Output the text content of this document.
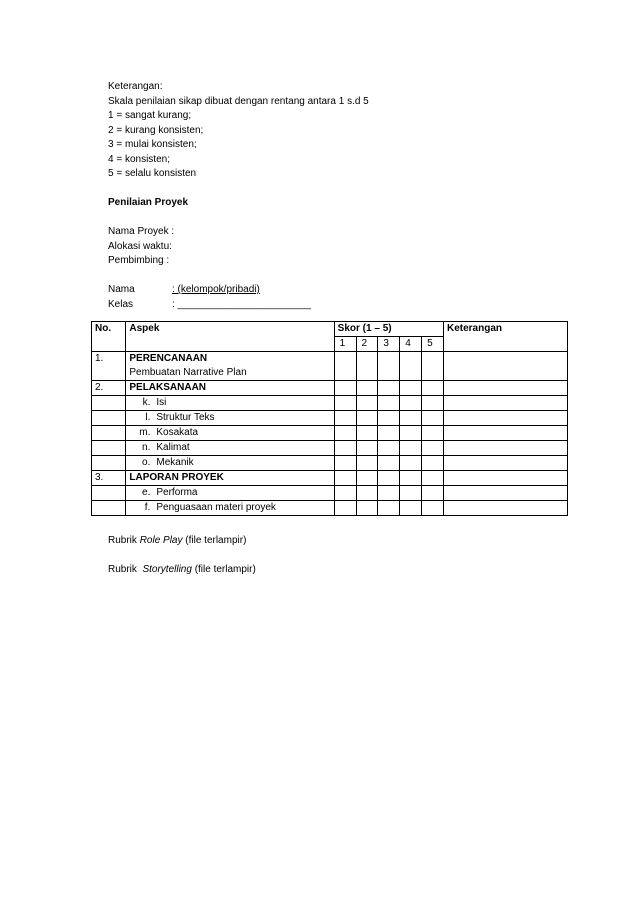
Keterangan:
Skala penilaian sikap dibuat dengan rentang antara 1 s.d 5
1 = sangat kurang;
2 = kurang konsisten;
3 = mulai konsisten;
4 = konsisten;
5 = selalu konsisten
Penilaian Proyek
Nama Proyek :
Alokasi waktu:
Pembimbing :
Nama	: (kelompok/pribadi)
Kelas	: ________________________
No.	Aspek	Skor (1 – 5)					Keterangan
		1	2	3	4	5	
1.	PERENCANAAN
Pembuatan Narrative Plan						

2.	PELAKSANAAN						
	k. Isi						
	l. Struktur Teks						
	m. Kosakata						
	n. Kalimat						
	o. Mekanik						
3.	LAPORAN PROYEK						
	e. Performa						
	f. Penguasaan materi proyek						
Rubrik Role Play (file terlampir)
Rubrik  Storytelling (file terlampir)
